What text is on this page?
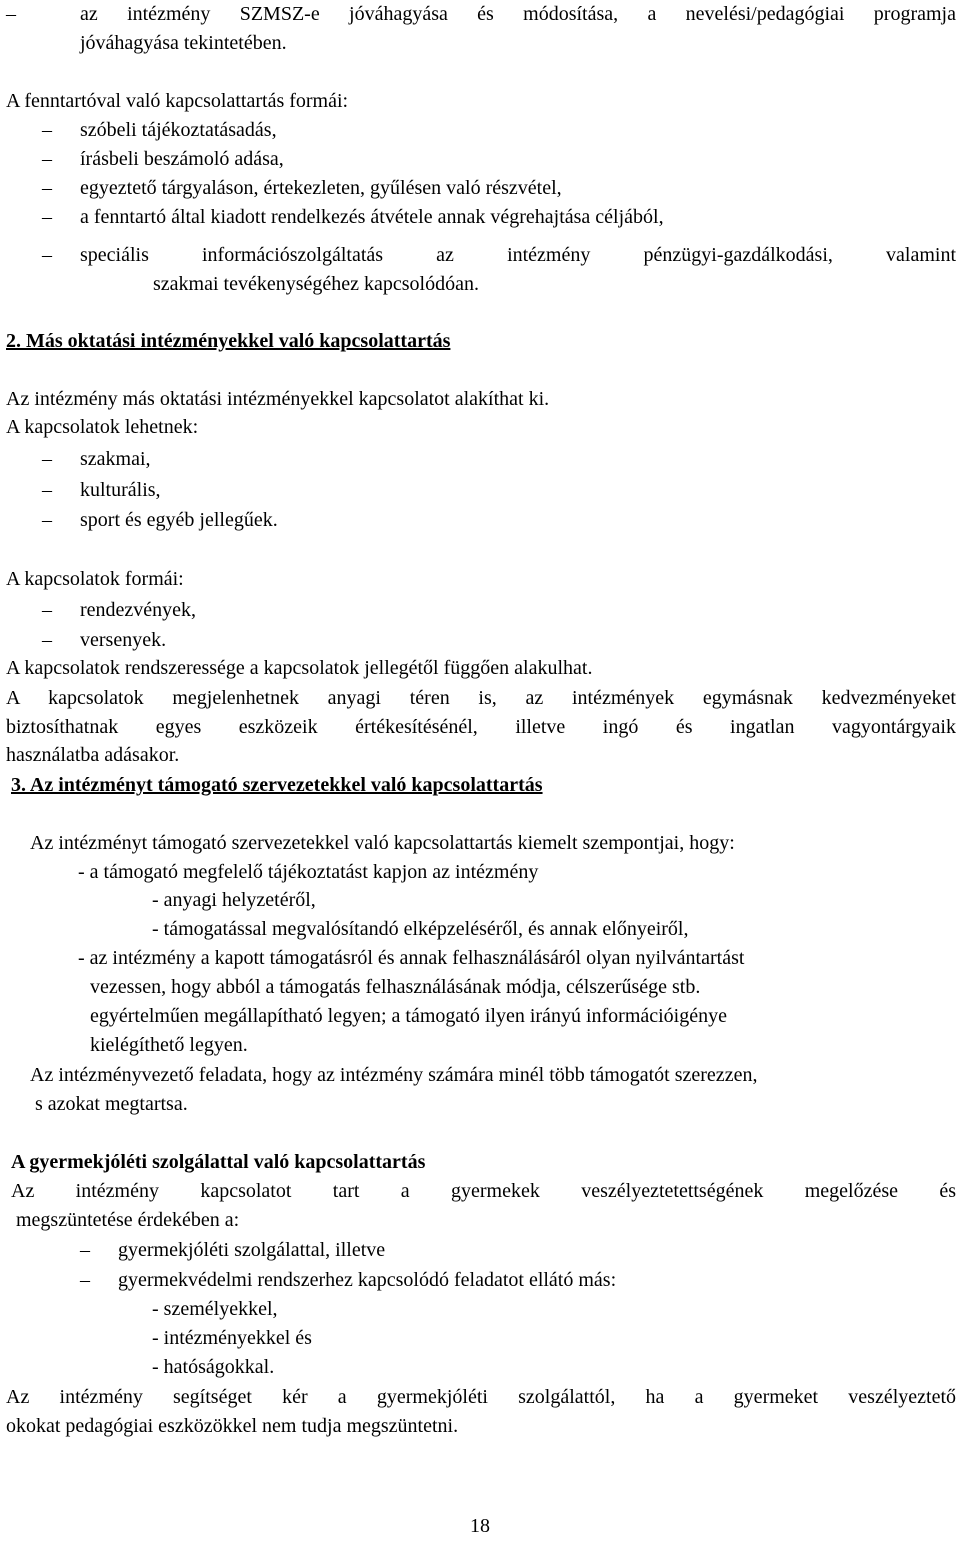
–	az intézmény SZMSZ-e jóváhagyása és módosítása, a nevelési/pedagógiai programja
jóváhagyása tekintetében.
A fenntartóval való kapcsolattartás formái:
– szóbeli tájékoztatásadás,
– írásbeli beszámoló adása,
– egyeztető tárgyaláson, értekezleten, gyűlésen való részvétel,
– a fenntartó által kiadott rendelkezés átvétele annak végrehajtása céljából,
– speciális információszolgáltatás az intézmény pénzügyi-gazdálkodási, valamint
szakmai tevékenységéhez kapcsolódóan.
2. Más oktatási intézményekkel való kapcsolattartás
Az intézmény más oktatási intézményekkel kapcsolatot alakíthat ki.
A kapcsolatok lehetnek:
– szakmai,
– kulturális,
– sport és egyéb jellegűek.
A kapcsolatok formái:
– rendezvények,
– versenyek.
A kapcsolatok rendszeressége a kapcsolatok jellegétől függően alakulhat.
A kapcsolatok megjelenhetnek anyagi téren is, az intézmények egymásnak kedvezményeket
biztosíthatnak egyes eszközeik értékesítésénél, illetve ingó és ingatlan vagyontárgyaik
használatba adásakor.
3. Az intézményt támogató szervezetekkel való kapcsolattartás
Az intézményt támogató szervezetekkel való kapcsolattartás kiemelt szempontjai, hogy:
- a támogató megfelelő tájékoztatást kapjon az intézmény
- anyagi helyzetéről,
- támogatással megvalósítandó elképzeléséről, és annak előnyeiről,
- az intézmény a kapott támogatásról és annak felhasználásáról olyan nyilvántartást
vezessen, hogy abból a támogatás felhasználásának módja, célszerűsége stb.
egyértelműen megállapítható legyen; a támogató ilyen irányú információigénye
kielégíthető legyen.
Az intézményvezető feladata, hogy az intézmény számára minél több támogatót szerezzen,
s azokat megtartsa.
A gyermekjóléti szolgálattal való kapcsolattartás
Az intézmény kapcsolatot tart a gyermekek veszélyeztetettségének megelőzése és
megszüntetése érdekében a:
– gyermekjóléti szolgálattal, illetve
– gyermekvédelmi rendszerhez kapcsolódó feladatot ellátó más:
- személyekkel,
- intézményekkel és
- hatóságokkal.
Az intézmény segítséget kér a gyermekjóléti szolgálattól, ha a gyermeket veszélyeztető
okokat pedagógiai eszközökkel nem tudja megszüntetni.
18
